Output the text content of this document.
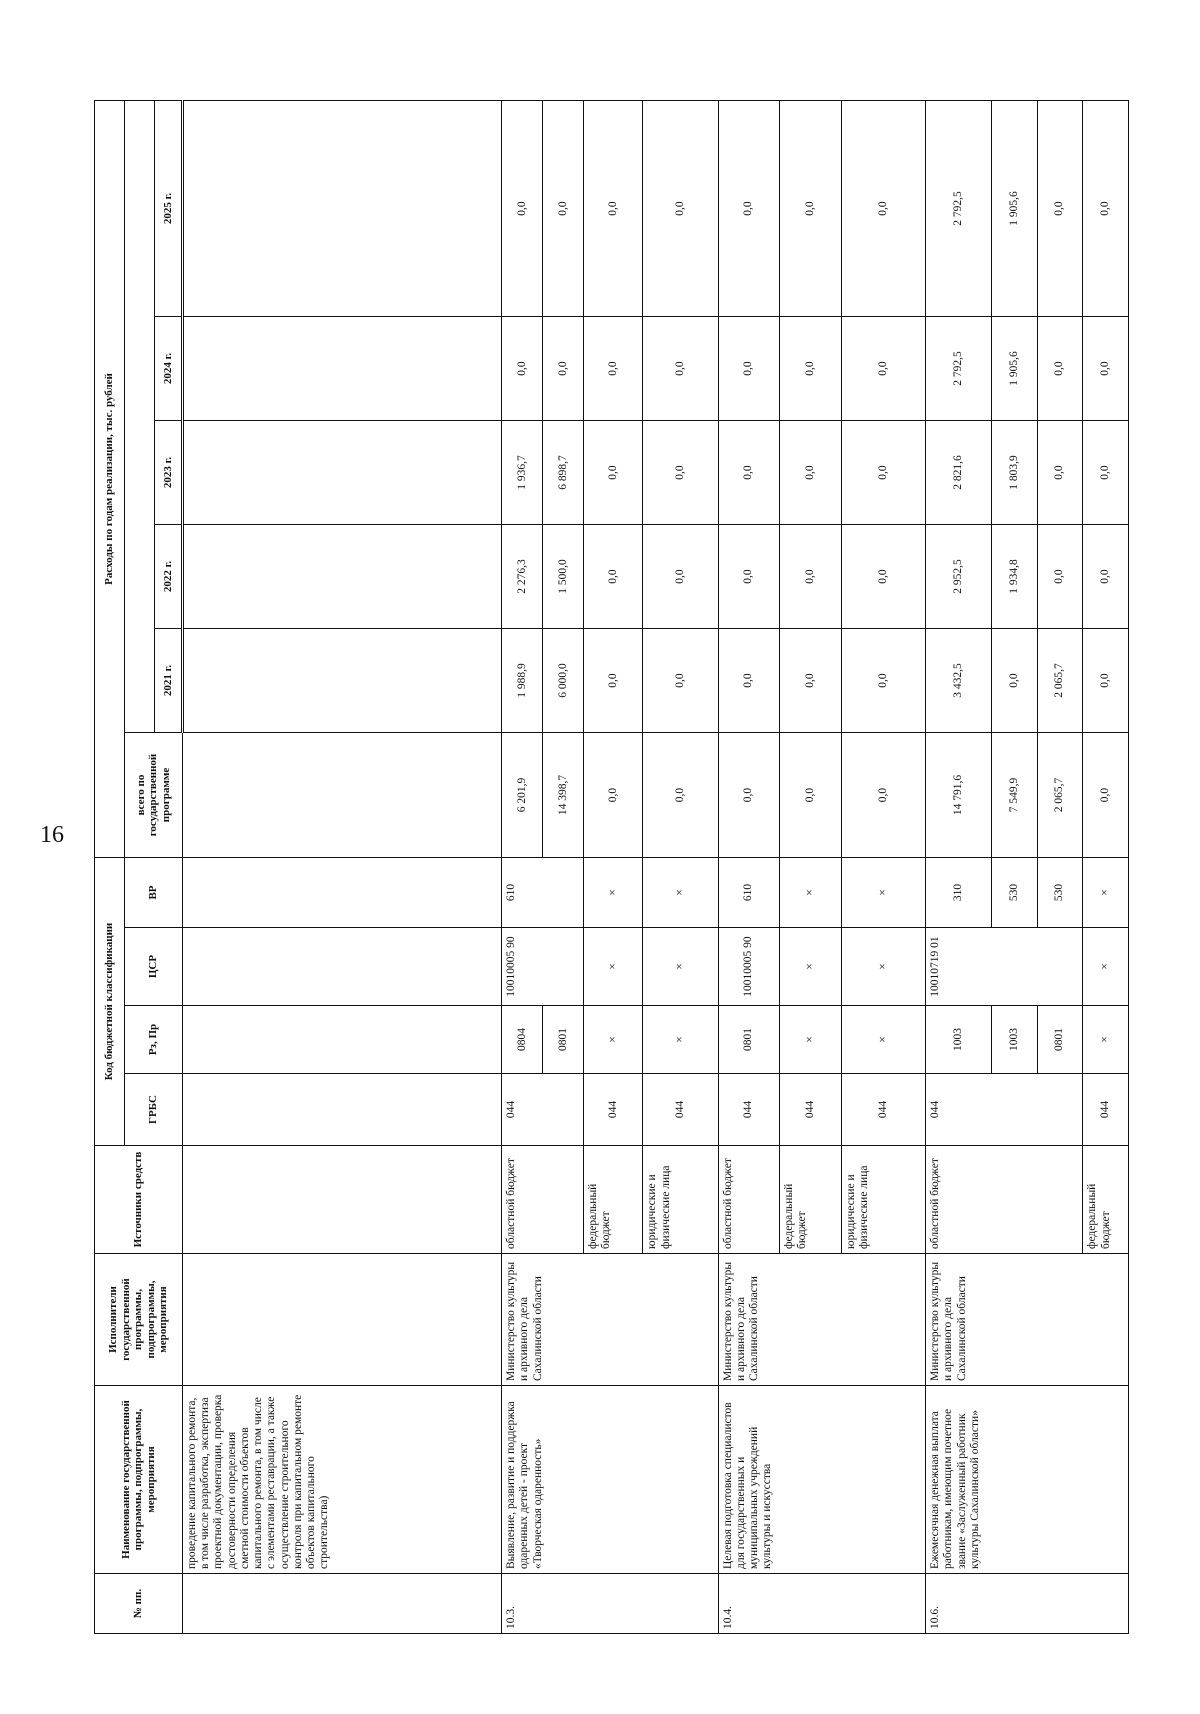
16
№ пп.	Наименование государственной программы, подпрограммы, мероприятия	Исполнители государственной программы, подпрограммы, мероприятия	Источники средств	Код бюджетной классификации				Расходы по годам реализации, тыс. рублей					
				ГРБС	Рз, Пр	ЦСР	ВР	всего по государственной программе					
									2021 г.	2022 г.	2023 г.	2024 г.	2025 г.
	проведение капитального ремонта, в том числе разработка, экспертиза проектной документации, проверка достоверности определения сметной стоимости объектов капитального ремонта, в том числе с элементами реставрации, а также осуществление строительного контроля при капитальном ремонте объектов капитального строительства)												
10.3.	Выявление, развитие и поддержка одаренных детей - проект «Творческая одаренность»	Министерство культуры и архивного дела Сахалинской области	областной бюджет	044	0804	10010005 90	610	6 201,9	1 988,9	2 276,3	1 936,7	0,0	0,0
					0801			14 398,7	6 000,0	1 500,0	6 898,7	0,0	0,0
			федеральный бюджет	044	×	×	×	0,0	0,0	0,0	0,0	0,0	0,0
			юридические и физические лица	044	×	×	×	0,0	0,0	0,0	0,0	0,0	0,0
10.4.	Целевая подготовка специалистов для государственных и муниципальных учреждений культуры и искусства	Министерство культуры и архивного дела Сахалинской области	областной бюджет	044	0801	10010005 90	610	0,0	0,0	0,0	0,0	0,0	0,0
			федеральный бюджет	044	×	×	×	0,0	0,0	0,0	0,0	0,0	0,0
			юридические и физические лица	044	×	×	×	0,0	0,0	0,0	0,0	0,0	0,0
10.6.	Ежемесячная денежная выплата работникам, имеющим почетное звание «Заслуженный работник культуры Сахалинской области»	Министерство культуры и архивного дела Сахалинской области	областной бюджет	044	1003	10010719 01	310	14 791,6	3 432,5	2 952,5	2 821,6	2 792,5	2 792,5
					1003		530	7 549,9	0,0	1 934,8	1 803,9	1 905,6	1 905,6
					0801		530	2 065,7	2 065,7	0,0	0,0	0,0	0,0
			федеральный бюджет	044	×	×	×	0,0	0,0	0,0	0,0	0,0	0,0
